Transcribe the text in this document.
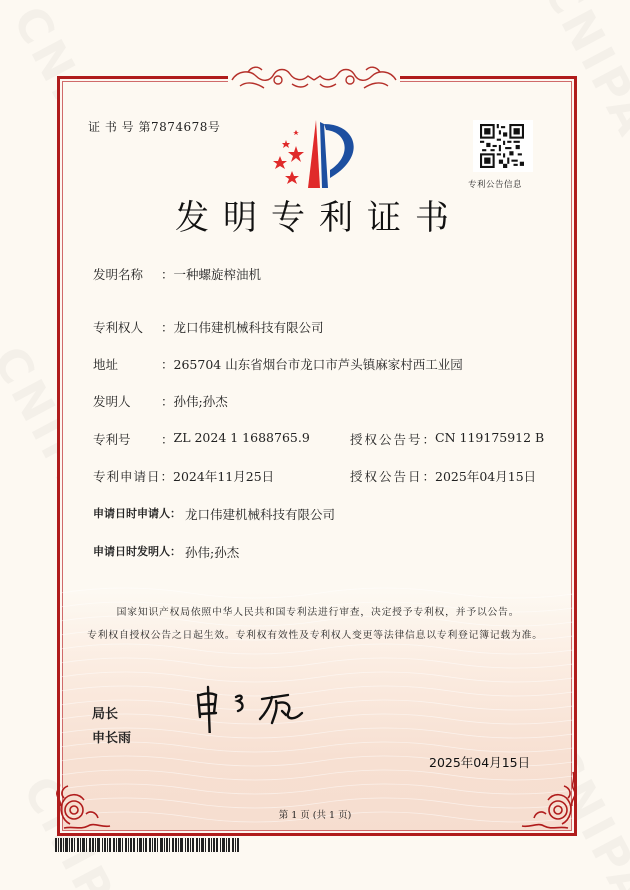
证 书 号 第7874678号
专利公告信息
发明专利证书
发明名称	： 一种螺旋榨油机
专利权人	： 龙口伟建机械科技有限公司
地址	： 265704 山东省烟台市龙口市芦头镇麻家村西工业园
发明人	： 孙伟;孙杰
专利号	： ZL 2024 1 1688765.9	授权公告号 ： CN 119175912 B
专利申请日 ： 2024年11月25日	授权公告日 ： 2025年04月15日
申请日时申请人 ： 龙口伟建机械科技有限公司
申请日时发明人 ： 孙伟;孙杰
国家知识产权局依照中华人民共和国专利法进行审查，决定授予专利权，并予以公告。
专利权自授权公告之日起生效。专利权有效性及专利权人变更等法律信息以专利登记簿记载为准。
局长
申长雨
2025年04月15日
第 1 页 (共 1 页)
